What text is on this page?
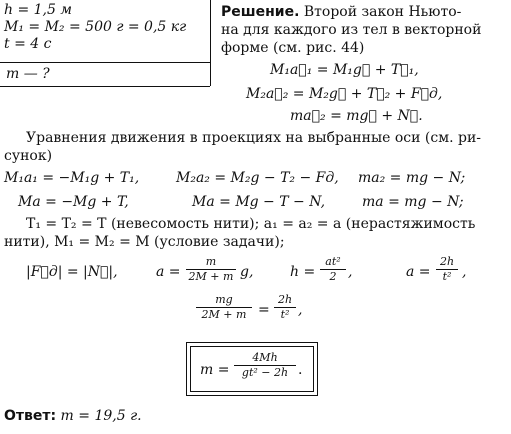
h = 1,5 м
M₁ = M₂ = 500 г = 0,5 кг
t = 4 с
m — ?
Решение. Второй закон Ньюто-
на для каждого из тел в векторной
форме (см. рис. 44)
M₁a⃗₁ = M₁g⃗ + T⃗₁,
M₂a⃗₂ = M₂g⃗ + T⃗₂ + F⃗д,
ma⃗₂ = mg⃗ + N⃗.
Уравнения движения в проекциях на выбранные оси (см. ри-
сунок)
M₁a₁ = −M₁g + T₁,	M₂a₂ = M₂g − T₂ − Fд, ma₂ = mg − N;
Ma = −Mg + T,	Ma = Mg − T − N,	ma = mg − N;
T₁ = T₂ = T (невесомость нити); a₁ = a₂ = a (нерастяжимость
нити), M₁ = M₂ = M (условие задачи);
|F⃗д| = |N⃗|,	a =
m
2M + m g,	h =
at²
2 ,	a =
2h
t² ,
mg
2M + m =
2h
t² ,
m =
4Mh
gt² − 2h .
Ответ: m = 19,5 г.
